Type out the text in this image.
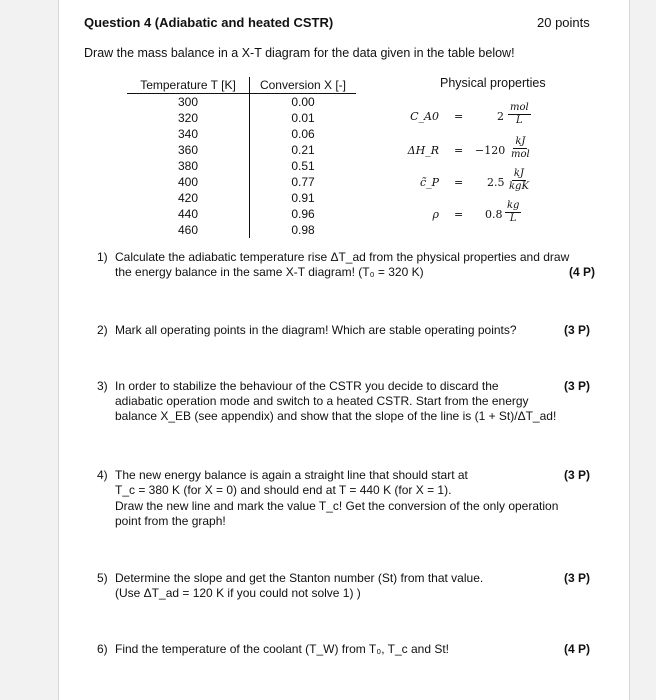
Question 4 (Adiabatic and heated CSTR)	20 points
Draw the mass balance in a X-T diagram for the data given in the table below!
Temperature T [K]	Conversion X [-]
300	0.00
320	0.01
340	0.06
360	0.21
380	0.51
400	0.77
420	0.91
440	0.96
460	0.98
Physical properties
C_A0 =	2
mol
L
ΔH_R = −120
kJ
mol
c̃_P = 2.5
kJ
kgK
$\rho = 0.8 \frac{kg}{L}$
1) Calculate the adiabatic temperature rise ΔT_ad from the physical properties and draw
the energy balance in the same X-T diagram! (T₀ = 320 K)	(4 P)
2) Mark all operating points in the diagram! Which are stable operating points?	(3 P)
3) In order to stabilize the behaviour of the CSTR you decide to discard the
adiabatic operation mode and switch to a heated CSTR. Start from the energy
balance X_EB (see appendix) and show that the slope of the line is (1 + St)/ΔT_ad!
(3 P)
4) The new energy balance is again a straight line that should start at
T_c = 380 K (for X = 0) and should end at T = 440 K (for X = 1).
Draw the new line and mark the value T_c! Get the conversion of the only operation
point from the graph!
(3 P)
5) Determine the slope and get the Stanton number (St) from that value.
(Use ΔT_ad = 120 K if you could not solve 1) )
(3 P)
6) Find the temperature of the coolant (T_W) from T₀, T_c and St!	(4 P)
